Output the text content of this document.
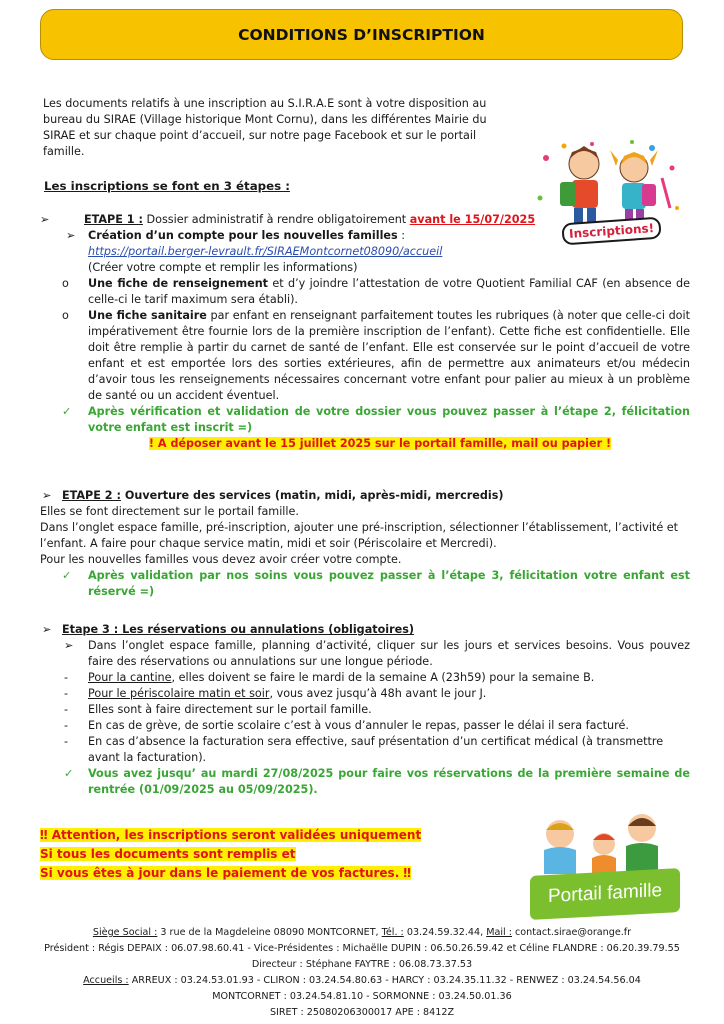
CONDITIONS D’INSCRIPTION

Les documents relatifs à une inscription au S.I.R.A.E sont à votre disposition au bureau du SIRAE (Village historique Mont Cornu), dans les différentes Mairie du SIRAE et sur chaque point d’accueil, sur notre page Facebook et sur le portail famille.

Inscriptions!

Les inscriptions se font en 3 étapes :

➢	ETAPE 1 : Dossier administratif à rendre obligatoirement avant le 15/07/2025
➢ Création d’un compte pour les nouvelles familles :
https://portail.berger-levrault.fr/SIRAEMontcornet08090/accueil
(Créer votre compte et remplir les informations)
o Une fiche de renseignement et d’y joindre l’attestation de votre Quotient Familial CAF (en absence de celle-ci le tarif maximum sera établi).
o Une fiche sanitaire par enfant en renseignant parfaitement toutes les rubriques (à noter que celle-ci doit impérativement être fournie lors de la première inscription de l’enfant). Cette fiche est confidentielle. Elle doit être remplie à partir du carnet de santé de l’enfant. Elle est conservée sur le point d’accueil de votre enfant et est emportée lors des sorties extérieures, afin de permettre aux animateurs et/ou médecin d’avoir tous les renseignements nécessaires concernant votre enfant pour palier au mieux à un problème de santé ou un accident éventuel.
✓ Après vérification et validation de votre dossier vous pouvez passer à l’étape 2, félicitation votre enfant est inscrit =)
! A déposer avant le 15 juillet 2025 sur le portail famille, mail ou papier !
➢ ETAPE 2 : Ouverture des services (matin, midi, après-midi, mercredis)

Elles se font directement sur le portail famille.

Dans l’onglet espace famille, pré-inscription, ajouter une pré-inscription, sélectionner l’établissement, l’activité et l’enfant. A faire pour chaque service matin, midi et soir (Périscolaire et Mercredi).

Pour les nouvelles familles vous devez avoir créer votre compte.

✓ Après validation par nos soins vous pouvez passer à l’étape 3, félicitation votre enfant est réservé =)
➢ Etape 3 : Les réservations ou annulations (obligatoires)
➢ Dans l’onglet espace famille, planning d’activité, cliquer sur les jours et services besoins. Vous pouvez faire des réservations ou annulations sur une longue période.
- Pour la cantine, elles doivent se faire le mardi de la semaine A (23h59) pour la semaine B.
- Pour le périscolaire matin et soir, vous avez jusqu’à 48h avant le jour J.
- Elles sont à faire directement sur le portail famille.
- En cas de grève, de sortie scolaire c’est à vous d’annuler le repas, passer le délai il sera facturé.
- En cas d’absence la facturation sera effective, sauf présentation d’un certificat médical (à transmettre avant la facturation).
✓ Vous avez jusqu’ au mardi 27/08/2025 pour faire vos réservations de la première semaine de rentrée (01/09/2025 au 05/09/2025).
‼ Attention, les inscriptions seront validées uniquement
Si tous les documents sont remplis et
Si vous êtes à jour dans le paiement de vos factures. ‼
Portail famille
Siège Social : 3 rue de la Magdeleine 08090 MONTCORNET, Tél. : 03.24.59.32.44, Mail : contact.sirae@orange.fr
Président : Régis DEPAIX : 06.07.98.60.41 - Vice-Présidentes : Michaëlle DUPIN : 06.50.26.59.42 et Céline FLANDRE : 06.20.39.79.55
Directeur : Stéphane FAYTRE : 06.08.73.37.53
Accueils : ARREUX : 03.24.53.01.93 - CLIRON : 03.24.54.80.63 - HARCY : 03.24.35.11.32 - RENWEZ : 03.24.54.56.04
MONTCORNET : 03.24.54.81.10 - SORMONNE : 03.24.50.01.36
SIRET : 25080206300017 APE : 8412Z
